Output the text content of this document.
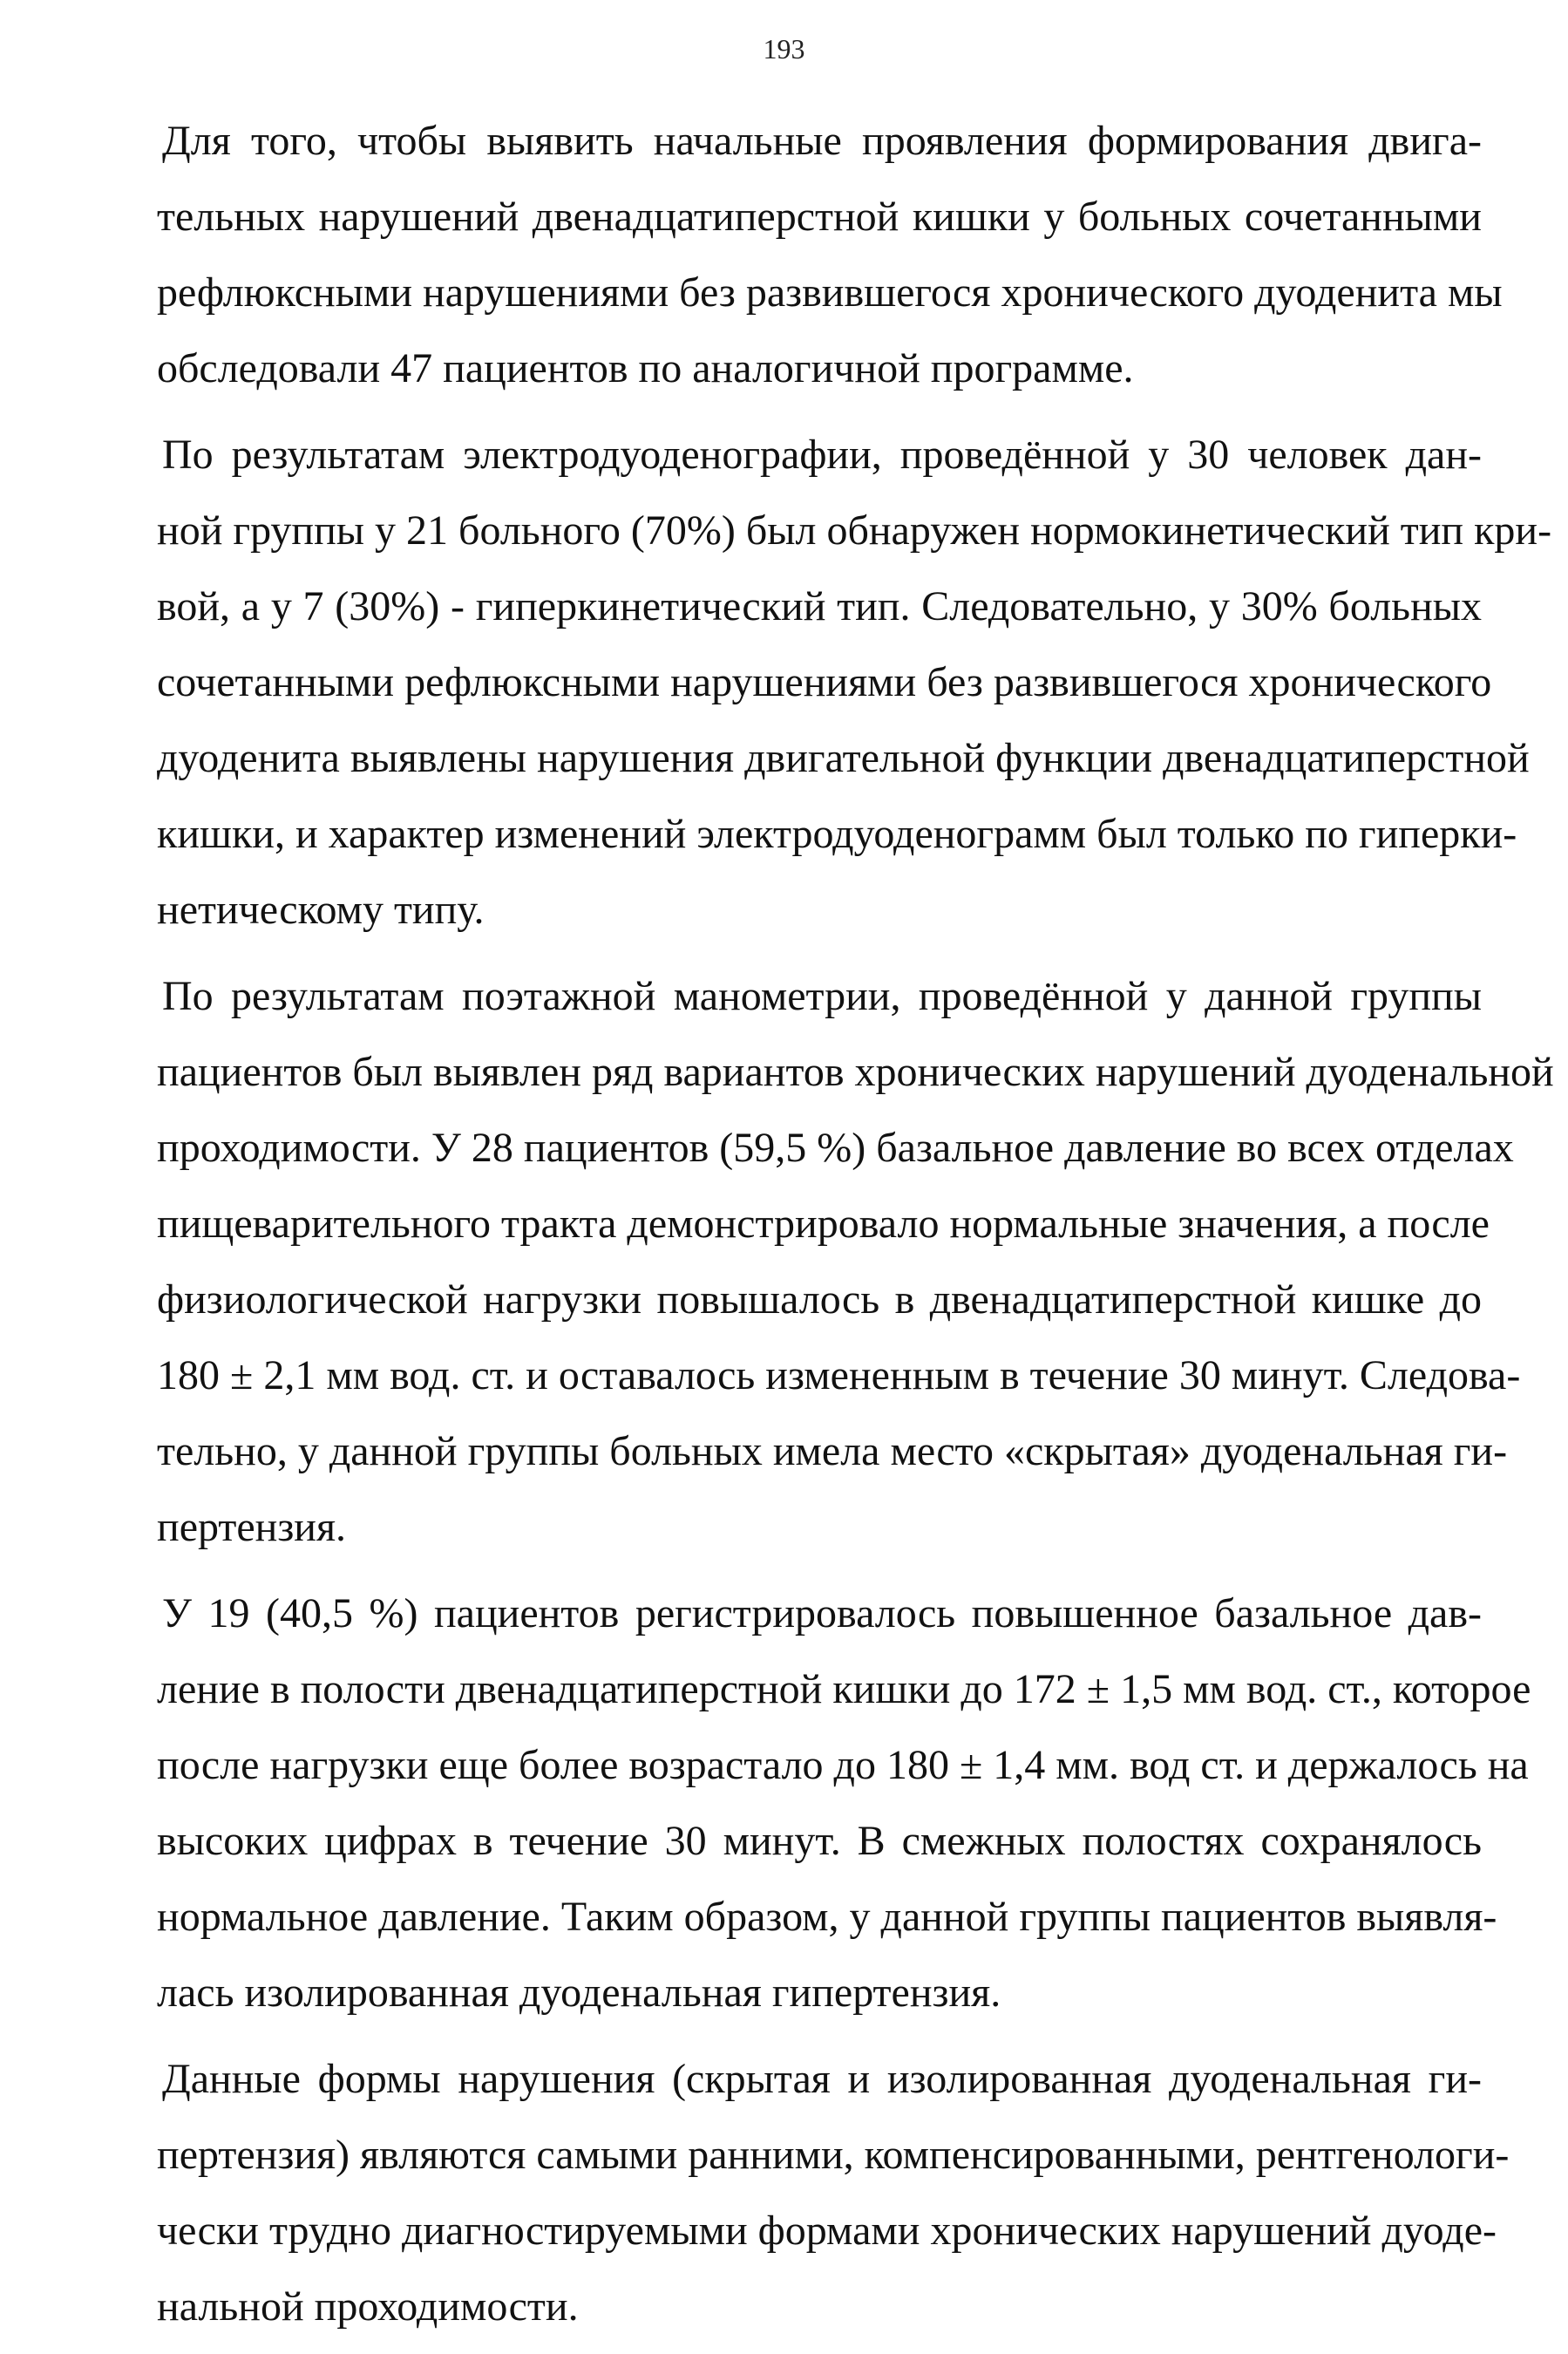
193

Для того, чтобы выявить начальные проявления формирования двига-
тельных нарушений двенадцатиперстной кишки у больных сочетанными
рефлюксными нарушениями без развившегося хронического дуоденита мы
обследовали 47 пациентов по аналогичной программе.

По результатам электродуоденографии, проведённой у 30 человек дан-
ной группы у 21 больного (70%) был обнаружен нормокинетический тип кри-
вой, а у 7 (30%) - гиперкинетический тип. Следовательно, у 30% больных
сочетанными рефлюксными нарушениями без развившегося хронического
дуоденита выявлены нарушения двигательной функции двенадцатиперстной
кишки, и характер изменений электродуоденограмм был только по гиперки-
нетическому типу.

По результатам поэтажной манометрии, проведённой у данной группы
пациентов был выявлен ряд вариантов хронических нарушений дуоденальной
проходимости. У 28 пациентов (59,5 %) базальное давление во всех отделах
пищеварительного тракта демонстрировало нормальные значения, а после
физиологической нагрузки повышалось в двенадцатиперстной кишке до
180 ± 2,1 мм вод. ст. и оставалось измененным в течение 30 минут. Следова-
тельно, у данной группы больных имела место «скрытая» дуоденальная ги-
пертензия.

У 19 (40,5 %) пациентов регистрировалось повышенное базальное дав-
ление в полости двенадцатиперстной кишки до 172 ± 1,5 мм вод. ст., которое
после нагрузки еще более возрастало до 180 ± 1,4 мм. вод ст. и держалось на
высоких цифрах в течение 30 минут. В смежных полостях сохранялось
нормальное давление. Таким образом, у данной группы пациентов выявля-
лась изолированная дуоденальная гипертензия.

Данные формы нарушения (скрытая и изолированная дуоденальная ги-
пертензия) являются самыми ранними, компенсированными, рентгенологи-
чески трудно диагностируемыми формами хронических нарушений дуоде-
нальной проходимости.
